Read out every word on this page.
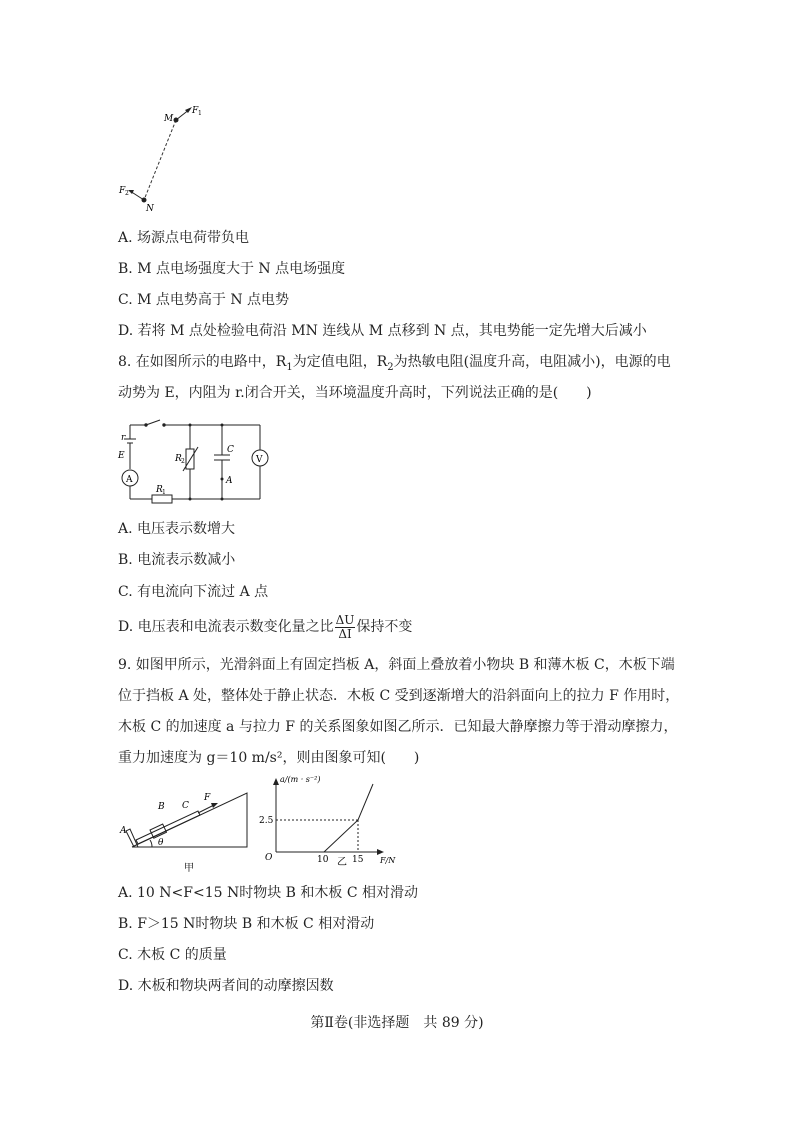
M
N
F 1
F 2
A. 场源点电荷带负电
B. M 点电场强度大于 N 点电场强度
C. M 点电势高于 N 点电势
D. 若将 M 点处检验电荷沿 MN 连线从 M 点移到 N 点，其电势能一定先增大后减小
8. 在如图所示的电路中，$R_1$为定值电阻，$R_2$为热敏电阻(温度升高，电阻减小)，电源的电
动势为 E，内阻为 r.闭合开关，当环境温度升高时，下列说法正确的是(　　)
r
E
A
R 2
C
A
V
R 1
A. 电压表示数增大
B. 电流表示数减小
C. 有电流向下流过 A 点
D. 电压表和电流表示数变化量之比 $\frac{\Delta U}{\Delta I}$ 保持不变
9. 如图甲所示，光滑斜面上有固定挡板 A，斜面上叠放着小物块 B 和薄木板 C，木板下端
位于挡板 A 处，整体处于静止状态．木板 C 受到逐渐增大的沿斜面向上的拉力 F 作用时，
木板 C 的加速度 a 与拉力 F 的关系图象如图乙所示．已知最大静摩擦力等于滑动摩擦力，
重力加速度为 g＝10 m/s²，则由图象可知(　　)
A
B C
F
θ
甲
a/(m · s⁻²)
F/N
O
2.5
10	15
乙
A. 10 N<F<15 N时物块 B 和木板 C 相对滑动
B. F＞15 N时物块 B 和木板 C 相对滑动
C. 木板 C 的质量
D. 木板和物块两者间的动摩擦因数
第Ⅱ卷(非选择题　共 89 分)
